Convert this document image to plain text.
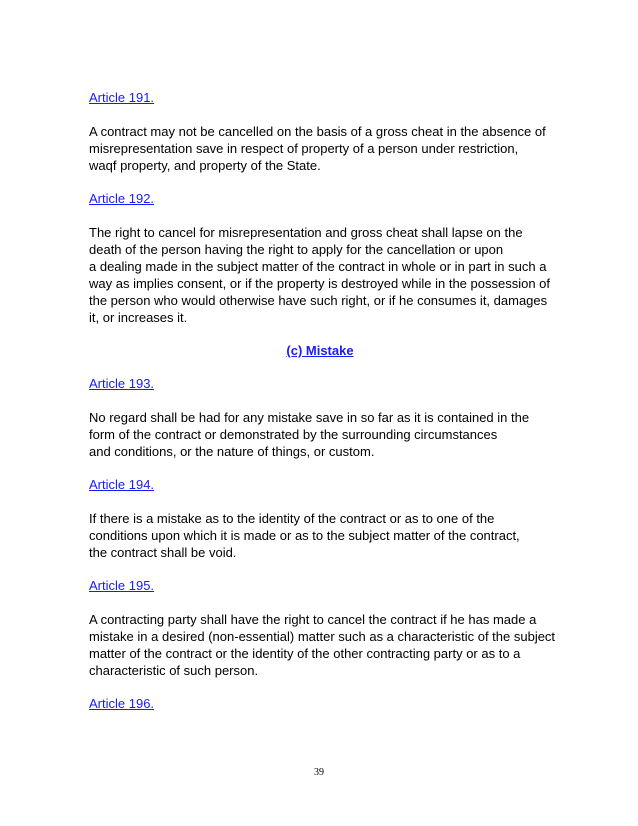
Article 191.
A contract may not be cancelled on the basis of a gross cheat in the absence of
misrepresentation save in respect of property of a person under restriction,
waqf property, and property of the State.
Article 192.
The right to cancel for misrepresentation and gross cheat shall lapse on the
death of the person having the right to apply for the cancellation or upon
a dealing made in the subject matter of the contract in whole or in part in such a
way as implies consent, or if the property is destroyed while in the possession of
the person who would otherwise have such right, or if he consumes it, damages
it, or increases it.
(c) Mistake
Article 193.
No regard shall be had for any mistake save in so far as it is contained in the
form of the contract or demonstrated by the surrounding circumstances
and conditions, or the nature of things, or custom.
Article 194.
If there is a mistake as to the identity of the contract or as to one of the
conditions upon which it is made or as to the subject matter of the contract,
the contract shall be void.
Article 195.
A contracting party shall have the right to cancel the contract if he has made a
mistake in a desired (non-essential) matter such as a characteristic of the subject
matter of the contract or the identity of the other contracting party or as to a
characteristic of such person.
Article 196.
39
